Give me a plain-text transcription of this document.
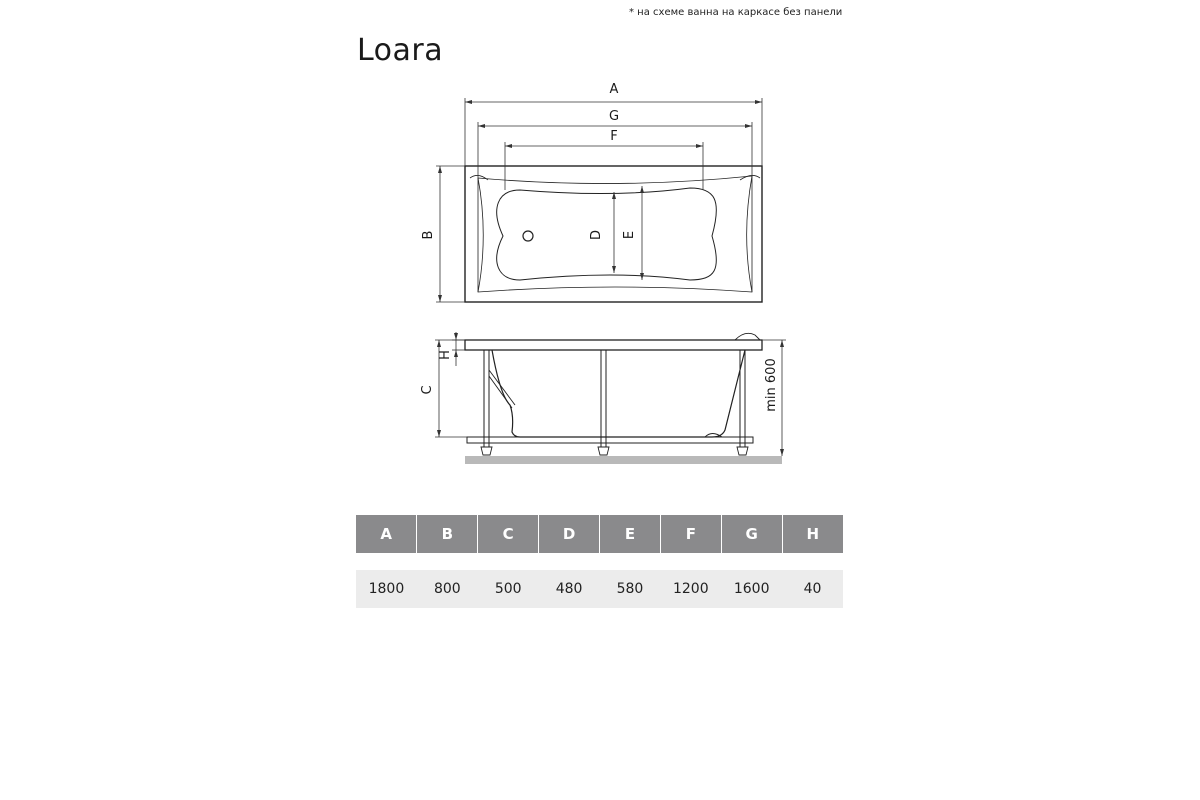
* на схеме ванна на каркасе без панели
Loara
A
G
F
B	D E
H
C	min 600
A	B	C	D	E	F	G	H

1800	800	500	480	580	1200	1600	40
